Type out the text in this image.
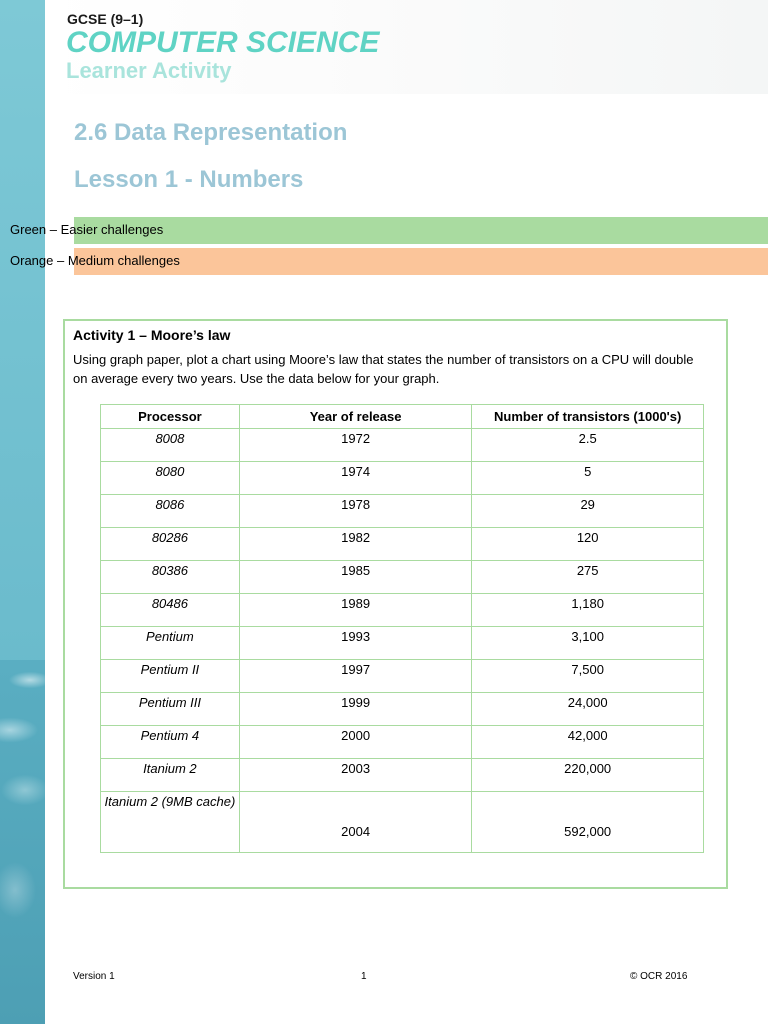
GCSE (9–1)
COMPUTER SCIENCE
Learner Activity
2.6 Data Representation
Lesson 1 - Numbers
Green – Easier challenges
Orange – Medium challenges
Activity 1 – Moore’s law
Using graph paper, plot a chart using Moore’s law that states the number of transistors on a CPU will double on average every two years. Use the data below for your graph.
Processor	Year of release	Number of transistors (1000's)
8008	1972	2.5
8080	1974	5
8086	1978	29
80286	1982	120
80386	1985	275
80486	1989	1,180
Pentium	1993	3,100
Pentium II	1997	7,500
Pentium III	1999	24,000
Pentium 4	2000	42,000
Itanium 2	2003	220,000
Itanium 2 (9MB cache)	2004	592,000
Version 1	1	© OCR 2016
